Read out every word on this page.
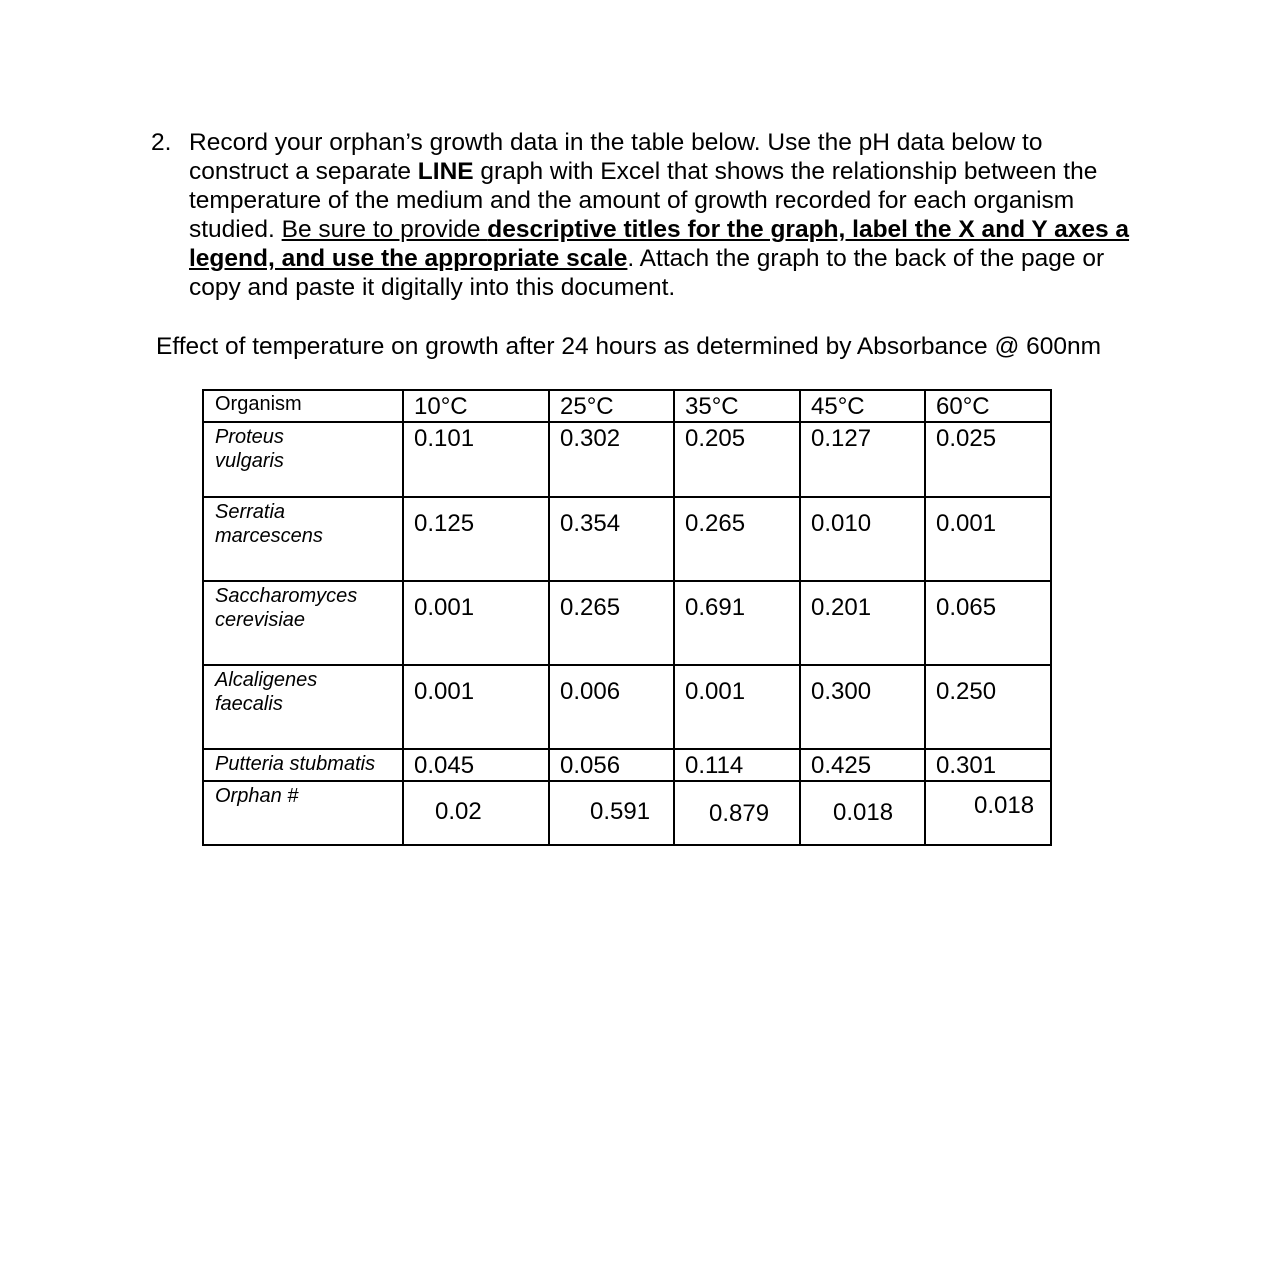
2. Record your orphan’s growth data in the table below. Use the pH data below to construct a separate LINE graph with Excel that shows the relationship between the temperature of the medium and the amount of growth recorded for each organism studied. Be sure to provide descriptive titles for the graph, label the X and Y axes a legend, and use the appropriate scale. Attach the graph to the back of the page or copy and paste it digitally into this document.
Effect of temperature on growth after 24 hours as determined by Absorbance @ 600nm
Organism	10°C	25°C	35°C	45°C	60°C
Proteus
vulgaris	0.101	0.302	0.205	0.127	0.025
Serratia
marcescens	0.125	0.354	0.265	0.010	0.001
Saccharomyces
cerevisiae	0.001	0.265	0.691	0.201	0.065
Alcaligenes
faecalis	0.001	0.006	0.001	0.300	0.250
Putteria stubmatis	0.045	0.056	0.114	0.425	0.301
Orphan #	0.02	0.591	0.879	0.018	0.018
